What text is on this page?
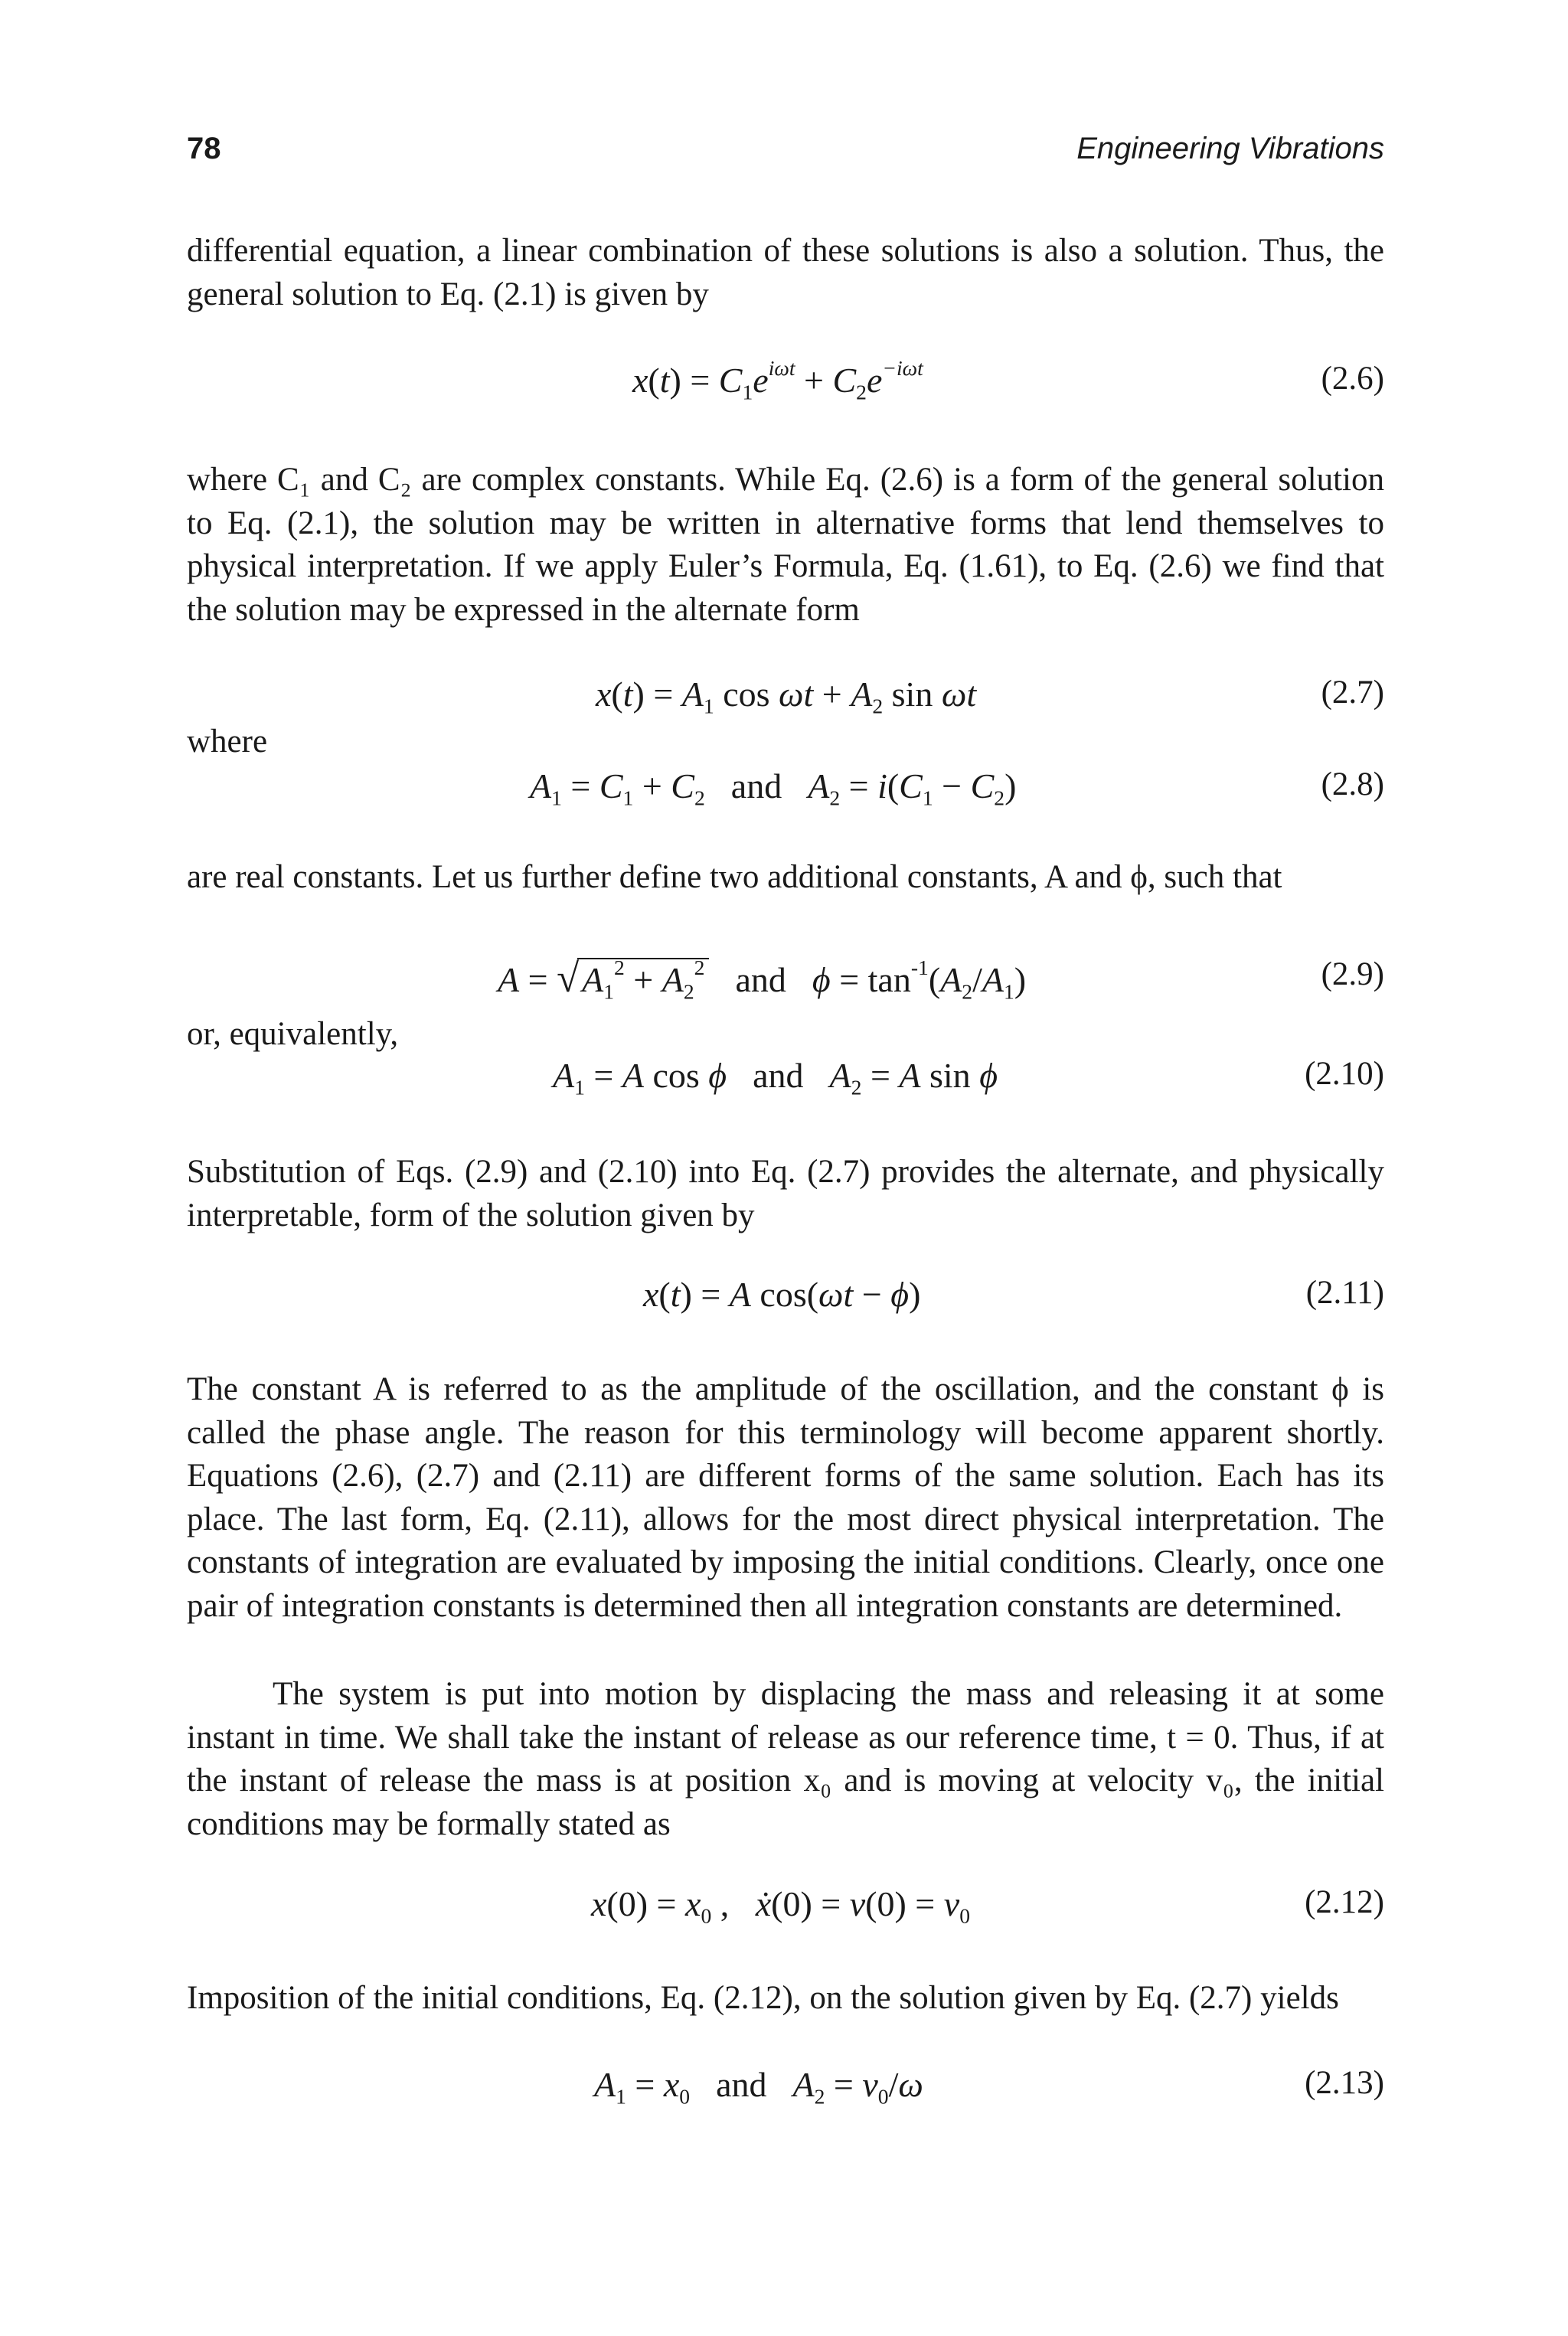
78	Engineering Vibrations

differential equation, a linear combination of these solutions is also a solution. Thus, the general solution to Eq. (2.1) is given by

$x(t) = C_1e^{i\omega t} + C_2e^{-i\omega t}$	(2.6)

where C₁ and C₂ are complex constants. While Eq. (2.6) is a form of the general solution to Eq. (2.1), the solution may be written in alternative forms that lend themselves to physical interpretation. If we apply Euler’s Formula, Eq. (1.61), to Eq. (2.6) we find that the solution may be expressed in the alternate form

$x(t) = A_1$ $\cos \omega t + A_2$ sin ωt	(2.7)
where
$A_1 = C_1 + C_2$ and $A_2 = i(C_1 - C_2)$	(2.8)

are real constants. Let us further define two additional constants, A and ϕ, such that

$A = √A_1^2 + A_2^2$ and $\phi = \tan^{-1}(A_2/A_1)$	(2.9)
or, equivalently,
$A_1 = A$ cos ϕ and $A_2 = A$ sin ϕ	(2.10)

Substitution of Eqs. (2.9) and (2.10) into Eq. (2.7) provides the alternate, and physically interpretable, form of the solution given by

x(t) = A cos(ωt − ϕ)	(2.11)

The constant A is referred to as the amplitude of the oscillation, and the constant ϕ is called the phase angle. The reason for this terminology will become apparent shortly. Equations (2.6), (2.7) and (2.11) are different forms of the same solution. Each has its place. The last form, Eq. (2.11), allows for the most direct physical interpretation. The constants of integration are evaluated by imposing the initial conditions. Clearly, once one pair of integration constants is determined then all integration constants are determined.

The system is put into motion by displacing the mass and releasing it at some instant in time. We shall take the instant of release as our reference time, t = 0. Thus, if at the instant of release the mass is at position x₀ and is moving at velocity v₀, the initial conditions may be formally stated as

$x(0) = x_0$ ,   ẋ(0) = $v(0) = v_0$	(2.12)

Imposition of the initial conditions, Eq. (2.12), on the solution given by Eq. (2.7) yields

$A_1 = x_0$ and $A_2 = v_0/\omega$	(2.13)
